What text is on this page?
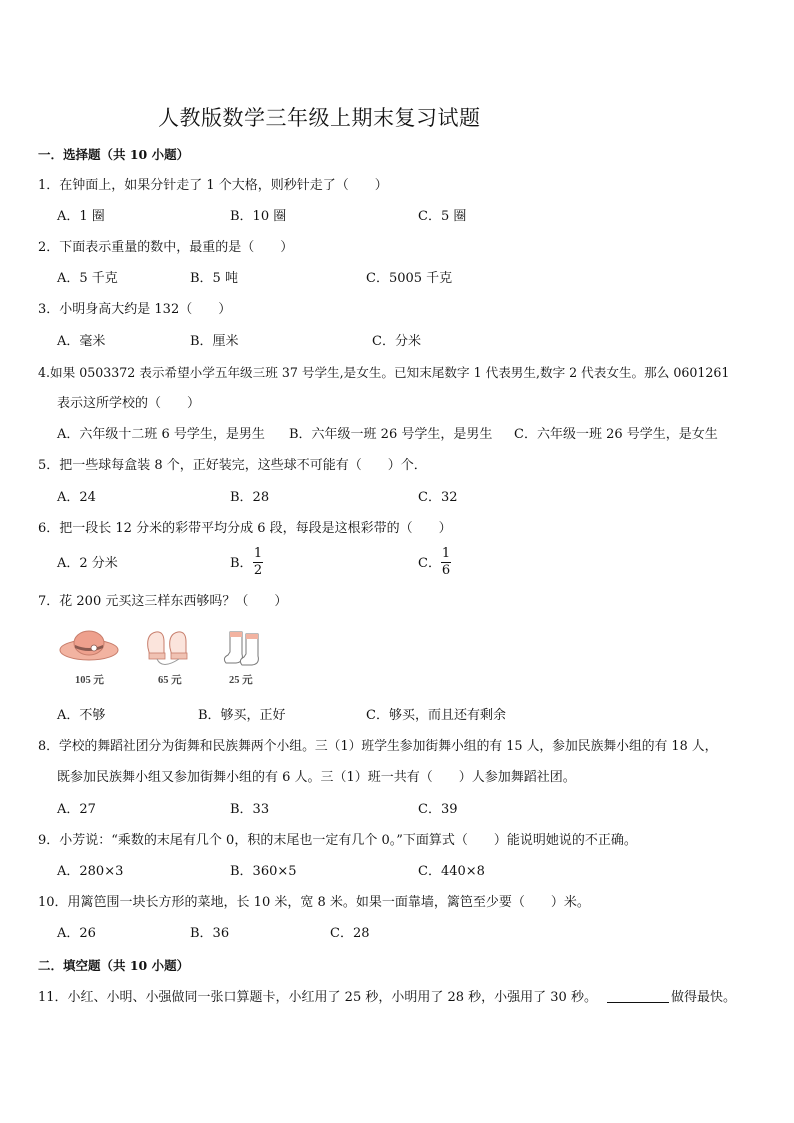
人教版数学三年级上期末复习试题
一．选择题（共 10 小题）
1．在钟面上，如果分针走了 1 个大格，则秒针走了（　　）
A．1 圈	B．10 圈	C．5 圈
2．下面表示重量的数中，最重的是（　　）
A．5 千克	B．5 吨	C．5005 千克
3．小明身高大约是 132（　　）
A．毫米	B．厘米	C．分米
4.如果 0503372 表示希望小学五年级三班 37 号学生,是女生。已知末尾数字 1 代表男生,数字 2 代表女生。那么 0601261
表示这所学校的（　　）
A．六年级十二班 6 号学生，是男生 B．六年级一班 26 号学生，是男生 C．六年级一班 26 号学生，是女生
5．把一些球每盒装 8 个，正好装完，这些球不可能有（　　）个．
A．24	B．28	C．32
6．把一段长 12 分米的彩带平均分成 6 段，每段是这根彩带的（　　）
A．2 分米	B．
1
2	C．
1
6
7．花 200 元买这三样东西够吗？（　　）
105 元	65 元	25 元
A．不够	B．够买，正好	C．够买，而且还有剩余
8．学校的舞蹈社团分为街舞和民族舞两个小组。三（1）班学生参加街舞小组的有 15 人，参加民族舞小组的有 18 人，
既参加民族舞小组又参加街舞小组的有 6 人。三（1）班一共有（　　）人参加舞蹈社团。
A．27	B．33	C．39
9．小芳说：“乘数的末尾有几个 0，积的末尾也一定有几个 0。”下面算式（　　）能说明她说的不正确。
A．280×3	B．360×5	C．440×8
10．用篱笆围一块长方形的菜地，长 10 米，宽 8 米。如果一面靠墙，篱笆至少要（　　）米。
A．26	B．36	C．28
二．填空题（共 10 小题）
11．小红、小明、小强做同一张口算题卡，小红用了 25 秒，小明用了 28 秒，小强用了 30 秒。	做得最快。
